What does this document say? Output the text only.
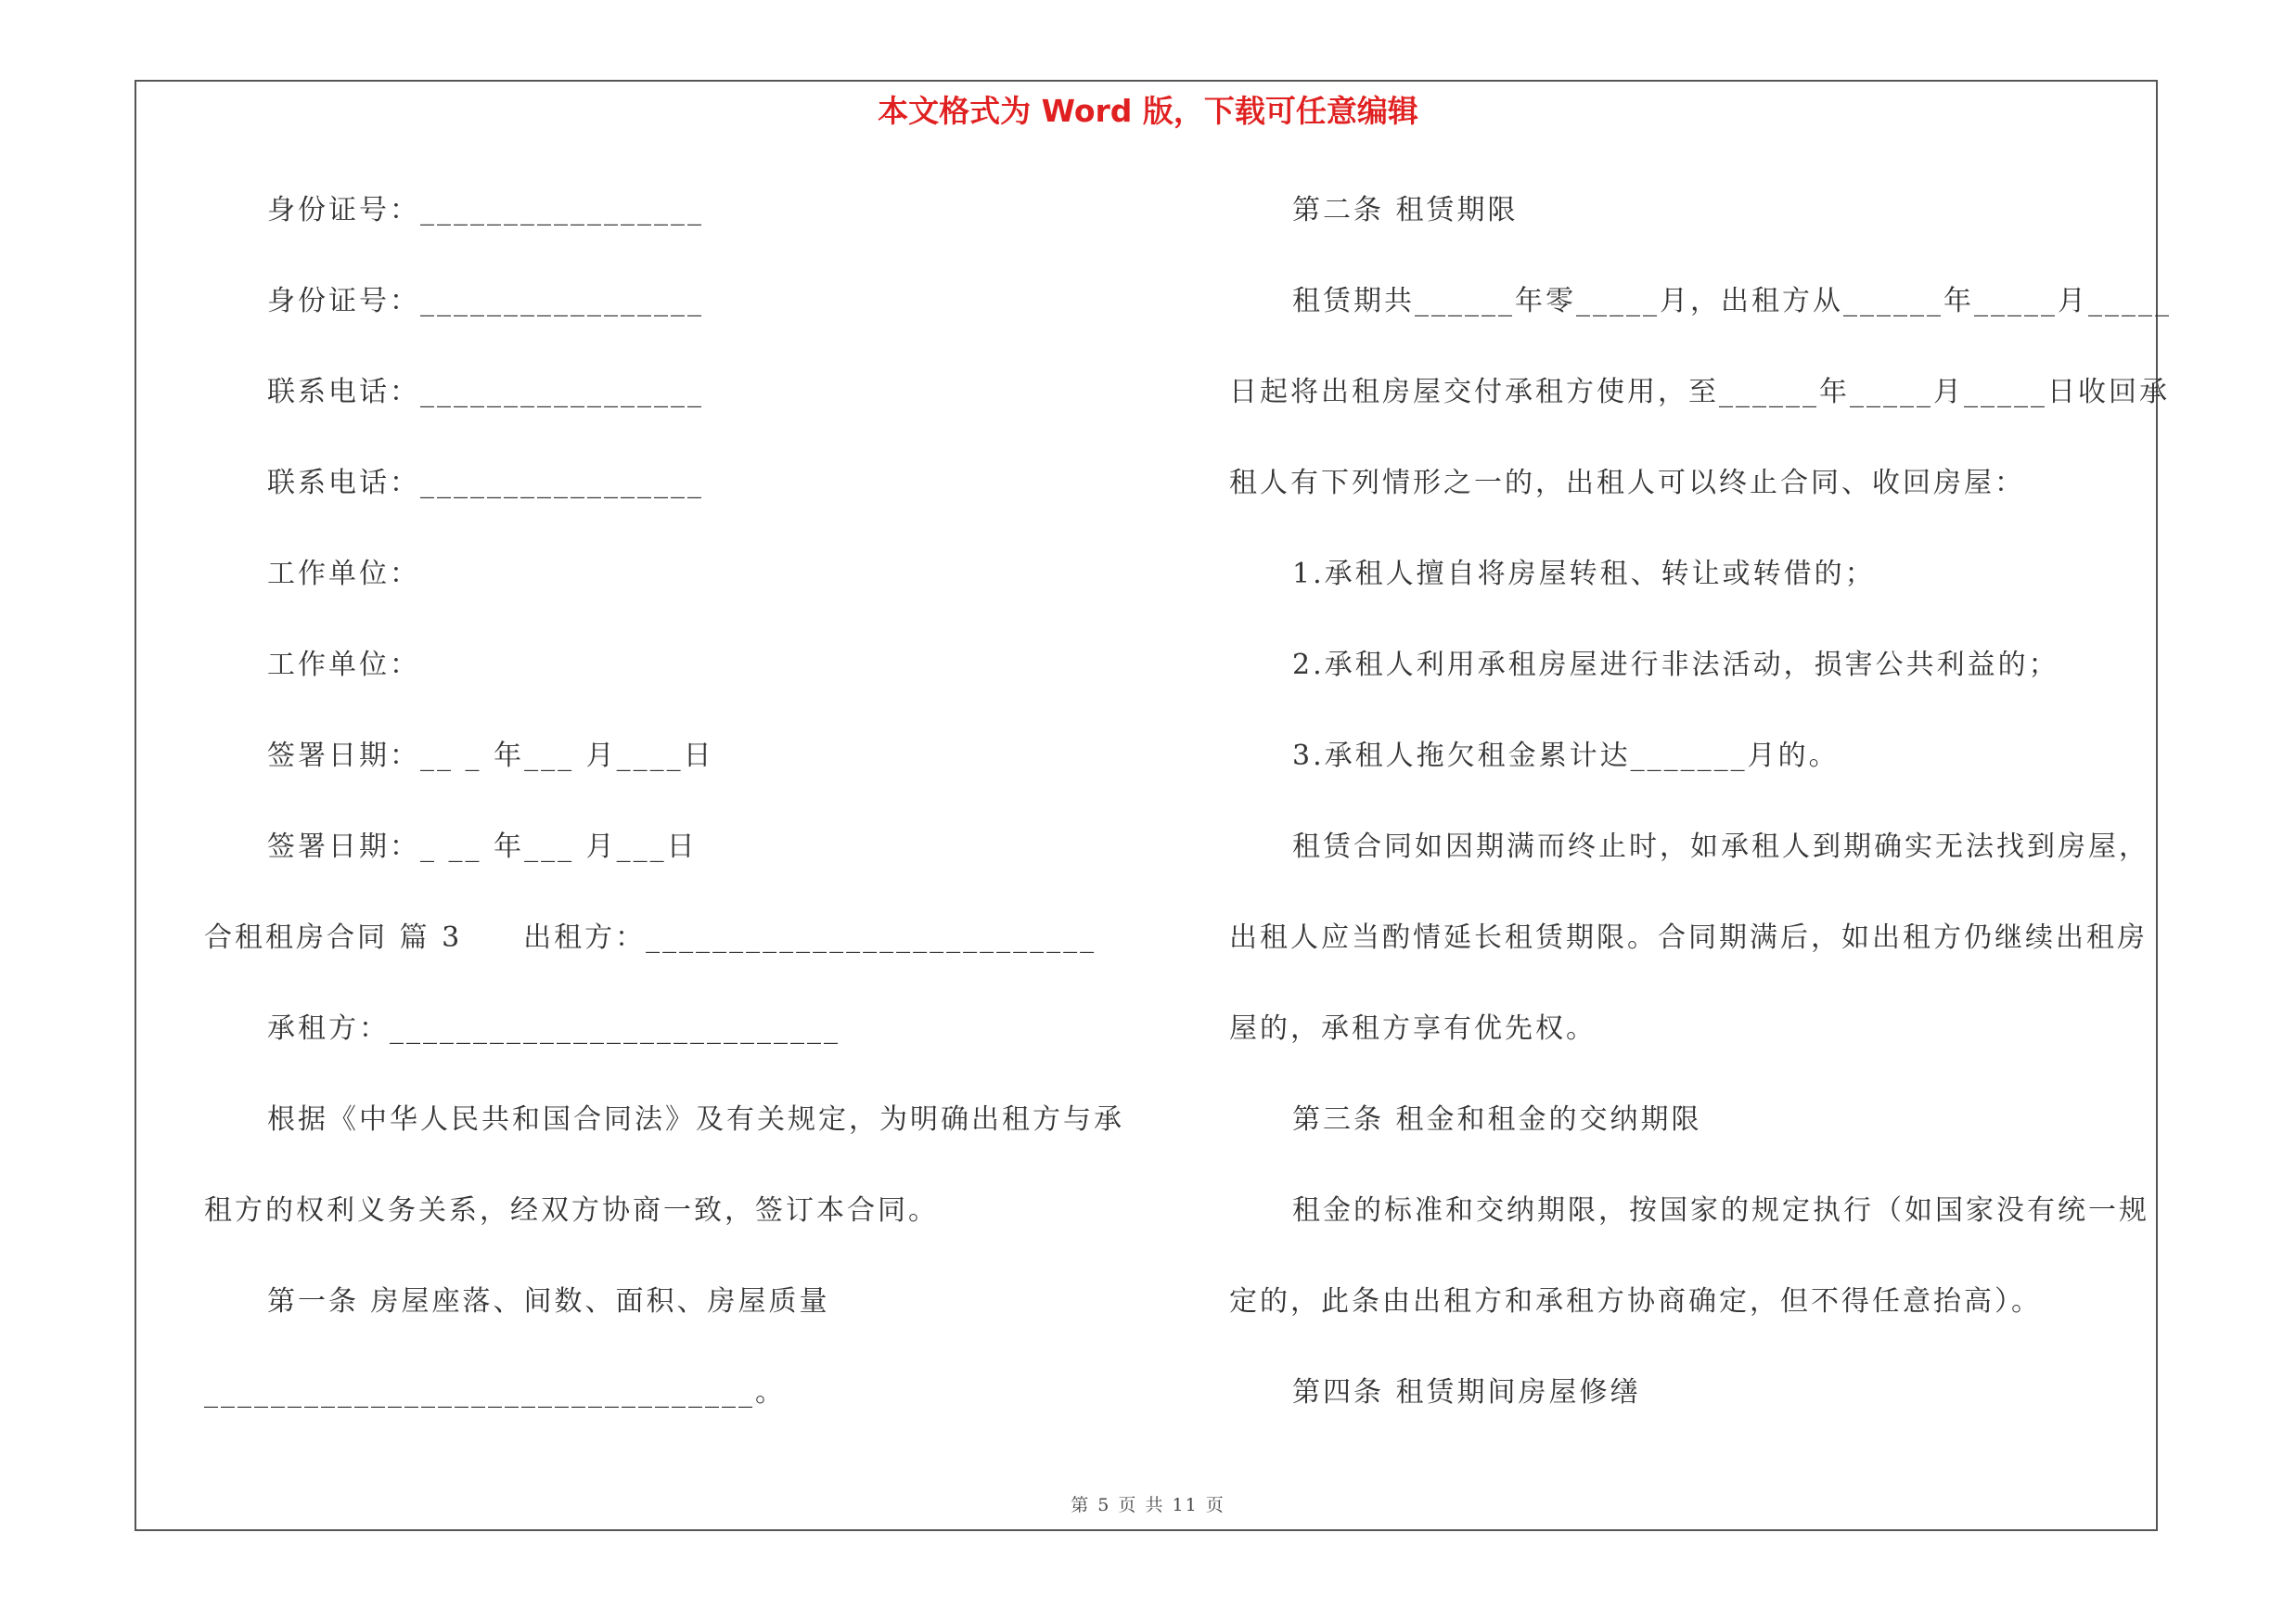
本文格式为 Word 版，下载可任意编辑
身份证号：_________________
身份证号：_________________
联系电话：_________________
联系电话：_________________
工作单位：
工作单位：
签署日期：__ _ 年___ 月____日
签署日期：_ __ 年___ 月___日
合租租房合同 篇 3　　出租方：___________________________
承租方：___________________________
根据《中华人民共和国合同法》及有关规定，为明确出租方与承
租方的权利义务关系，经双方协商一致，签订本合同。
第一条 房屋座落、间数、面积、房屋质量
_________________________________。
第二条 租赁期限
租赁期共______年零_____月，出租方从______年_____月_____
日起将出租房屋交付承租方使用，至______年_____月_____日收回承
租人有下列情形之一的，出租人可以终止合同、收回房屋：
1.承租人擅自将房屋转租、转让或转借的；
2.承租人利用承租房屋进行非法活动，损害公共利益的；
3.承租人拖欠租金累计达_______月的。
租赁合同如因期满而终止时，如承租人到期确实无法找到房屋，
出租人应当酌情延长租赁期限。合同期满后，如出租方仍继续出租房
屋的，承租方享有优先权。
第三条 租金和租金的交纳期限
租金的标准和交纳期限，按国家的规定执行（如国家没有统一规
定的，此条由出租方和承租方协商确定，但不得任意抬高）。
第四条 租赁期间房屋修缮
第 5 页 共 11 页
